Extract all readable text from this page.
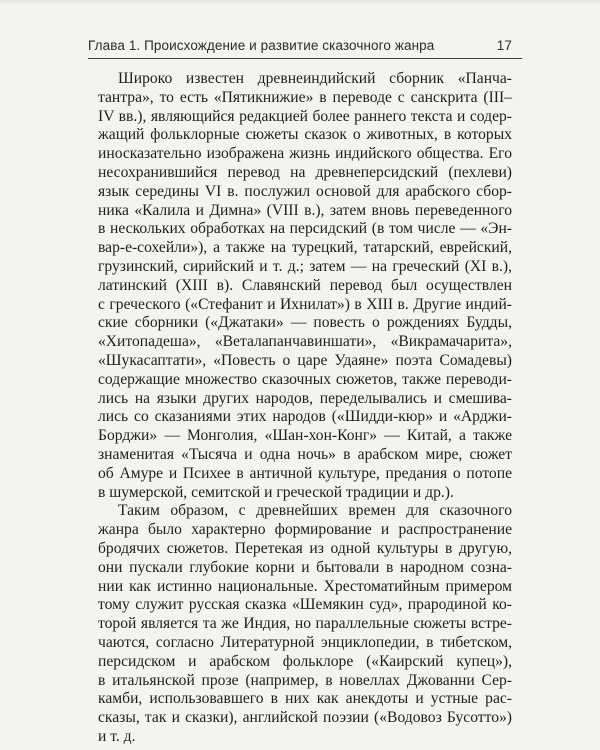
Глава 1. Происхождение и развитие сказочного жанра	17
Широко известен древнеиндийский сборник «Панча-
тантра», то есть «Пятикнижие» в переводе с санскрита (III–
IV вв.), являющийся редакцией более раннего текста и содер-
жащий фольклорные сюжеты сказок о животных, в которых
иносказательно изображена жизнь индийского общества. Его
несохранившийся перевод на древнеперсидский (пехлеви)
язык середины VI в. послужил основой для арабского сбор-
ника «Калила и Димна» (VIII в.), затем вновь переведенного
в нескольких обработках на персидский (в том числе — «Эн-
вар-е-сохейли»), а также на турецкий, татарский, еврейский,
грузинский, сирийский и т. д.; затем — на греческий (XI в.),
латинский (XIII в). Славянский перевод был осуществлен
с греческого («Стефанит и Ихнилат») в XIII в. Другие индий-
ские сборники («Джатаки» — повесть о рождениях Будды,
«Хитопадеша», «Веталапанчавиншати», «Викрамачарита»,
«Шукасаптати», «Повесть о царе Удаяне» поэта Сомадевы)
содержащие множество сказочных сюжетов, также переводи-
лись на языки других народов, переделывались и смешива-
лись со сказаниями этих народов («Шидди-кюр» и «Арджи-
Борджи» — Монголия, «Шан-хон-Конг» — Китай, а также
знаменитая «Тысяча и одна ночь» в арабском мире, сюжет
об Амуре и Психее в античной культуре, предания о потопе
в шумерской, семитской и греческой традиции и др.).
Таким образом, с древнейших времен для сказочного
жанра было характерно формирование и распространение
бродячих сюжетов. Перетекая из одной культуры в другую,
они пускали глубокие корни и бытовали в народном созна-
нии как истинно национальные. Хрестоматийным примером
тому служит русская сказка «Шемякин суд», прародиной ко-
торой является та же Индия, но параллельные сюжеты встре-
чаются, согласно Литературной энциклопедии, в тибетском,
персидском и арабском фольклоре («Каирский купец»),
в итальянской прозе (например, в новеллах Джованни Сер-
камби, использовавшего в них как анекдоты и устные рас-
сказы, так и сказки), английской поэзии («Водовоз Бусотто»)
и т. д.
